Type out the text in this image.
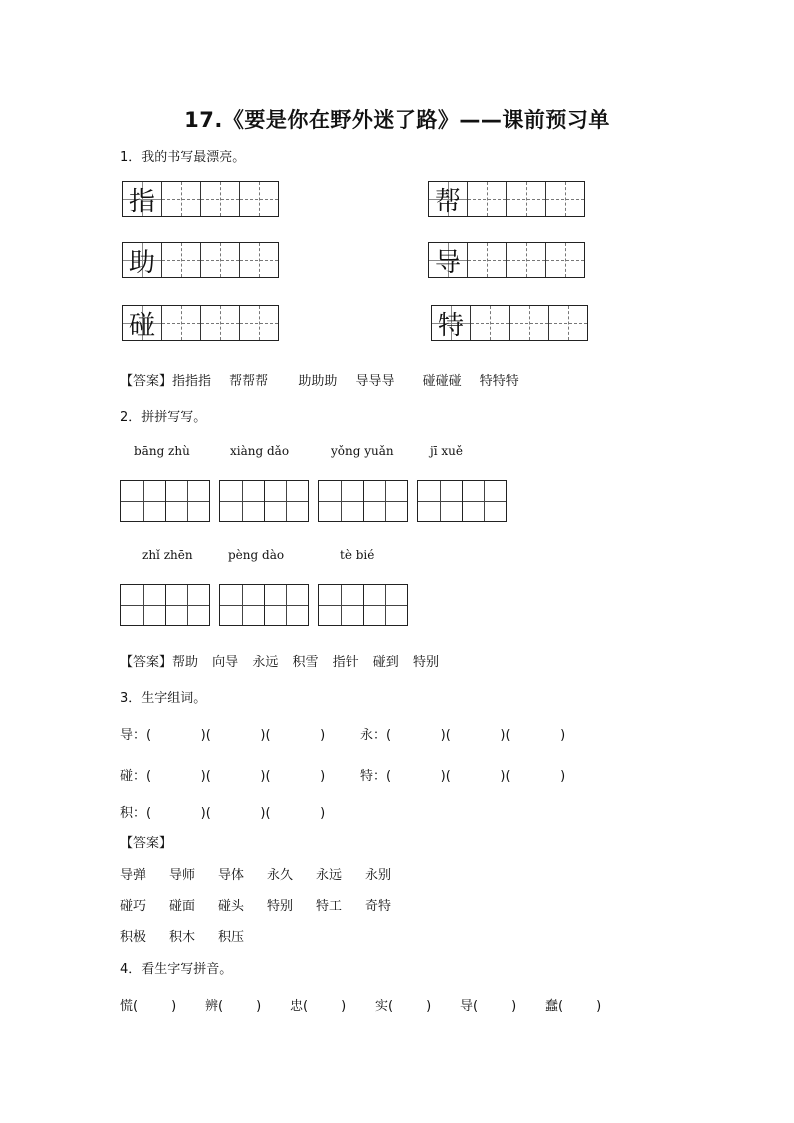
17.《要是你在野外迷了路》——课前预习单
1．我的书写最漂亮。
指
助
碰
帮
导
特
【答案】指指指 帮帮帮 助助助 导导导 碰碰碰 特特特
2．拼拼写写。
bāng zhù	xiàng dǎo	yǒng yuǎn	jī xuě
zhǐ zhēn	pèng dào	tè bié
【答案】帮助 向导 永远 积雪 指针 碰到 特别
3．生字组词。
导：(            )(            )(            )	永：(            )(            )(            )
碰：(            )(            )(            )	特：(            )(            )(            )
积：(            )(            )(            )
【答案】
导弹 导师 导体 永久 永远 永别
碰巧 碰面 碰头 特别 特工 奇特
积极 积木 积压
4．看生字写拼音。
慌(        ) 辨(        ) 忠(        ) 实(        ) 导(        ) 蠢(        )
